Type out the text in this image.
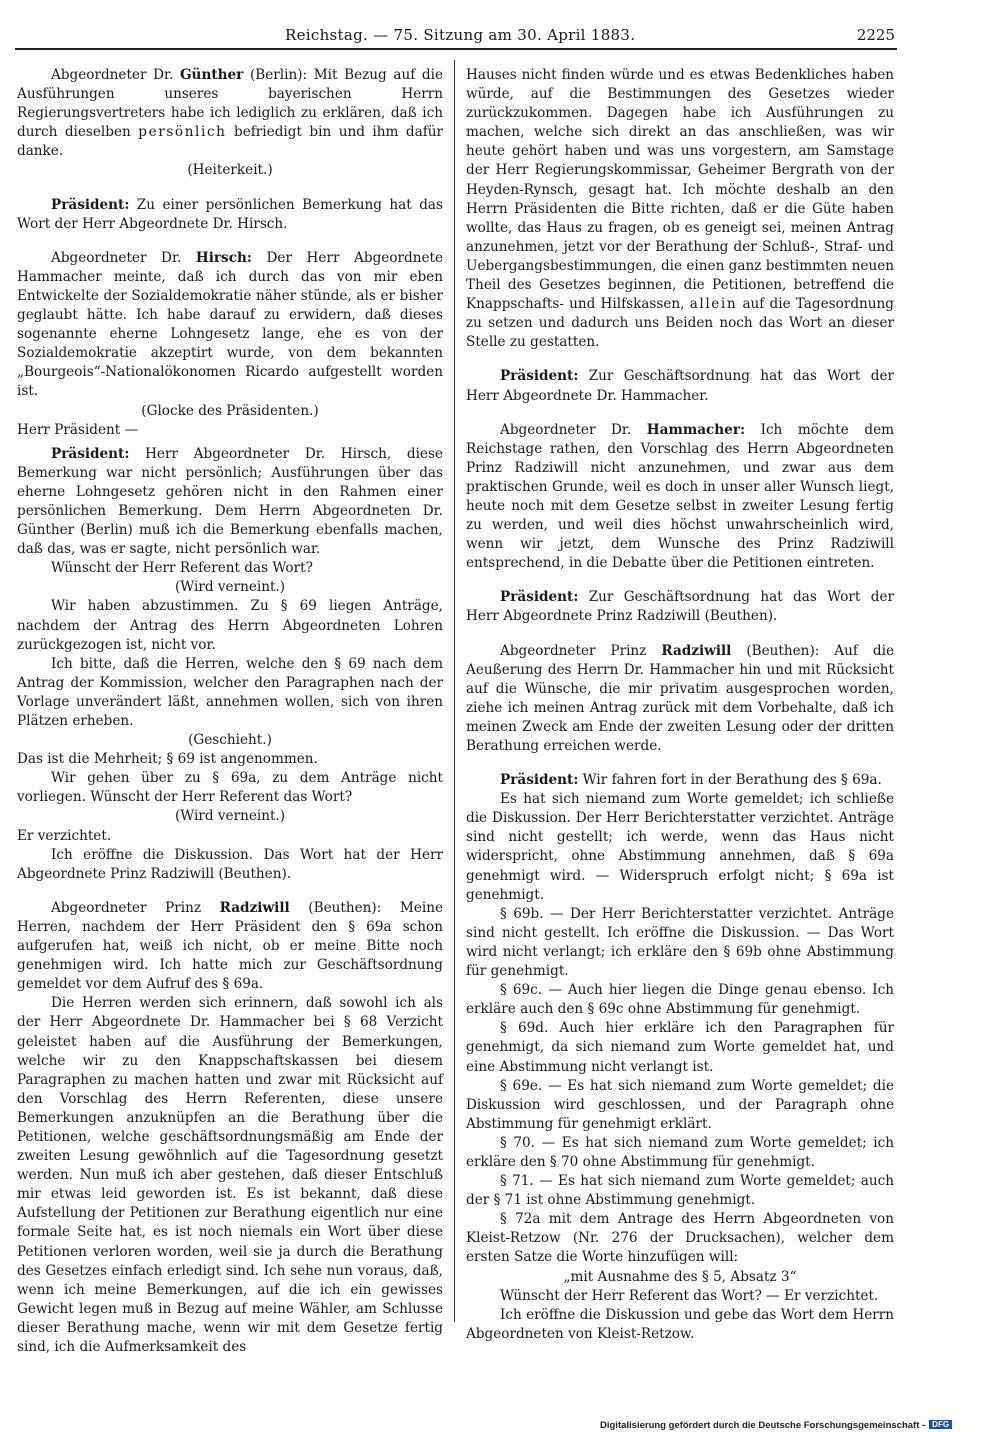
Reichstag. — 75. Sitzung am 30. April 1883.	2225

Abgeordneter Dr. Günther (Berlin): Mit Bezug auf die Ausführungen unseres bayerischen Herrn Regierungsvertreters habe ich lediglich zu erklären, daß ich durch dieselben persönlich befriedigt bin und ihm dafür danke.

(Heiterkeit.)

Präsident: Zu einer persönlichen Bemerkung hat das Wort der Herr Abgeordnete Dr. Hirsch.

Abgeordneter Dr. Hirsch: Der Herr Abgeordnete Hammacher meinte, daß ich durch das von mir eben Entwickelte der Sozialdemokratie näher stünde, als er bisher geglaubt hätte. Ich habe darauf zu erwidern, daß dieses sogenannte eherne Lohngesetz lange, ehe es von der Sozialdemokratie akzeptirt wurde, von dem bekannten „Bourgeois“-Nationalökonomen Ricardo aufgestellt worden ist.

(Glocke des Präsidenten.)

Herr Präsident —

Präsident: Herr Abgeordneter Dr. Hirsch, diese Bemerkung war nicht persönlich; Ausführungen über das eherne Lohngesetz gehören nicht in den Rahmen einer persönlichen Bemerkung. Dem Herrn Abgeordneten Dr. Günther (Berlin) muß ich die Bemerkung ebenfalls machen, daß das, was er sagte, nicht persönlich war.

Wünscht der Herr Referent das Wort?

(Wird verneint.)

Wir haben abzustimmen. Zu § 69 liegen Anträge, nachdem der Antrag des Herrn Abgeordneten Lohren zurückgezogen ist, nicht vor.

Ich bitte, daß die Herren, welche den § 69 nach dem Antrag der Kommission, welcher den Paragraphen nach der Vorlage unverändert läßt, annehmen wollen, sich von ihren Plätzen erheben.

(Geschieht.)

Das ist die Mehrheit; § 69 ist angenommen.

Wir gehen über zu § 69a, zu dem Anträge nicht vorliegen. Wünscht der Herr Referent das Wort?

(Wird verneint.)

Er verzichtet.

Ich eröffne die Diskussion. Das Wort hat der Herr Abgeordnete Prinz Radziwill (Beuthen).

Abgeordneter Prinz Radziwill (Beuthen): Meine Herren, nachdem der Herr Präsident den § 69a schon aufgerufen hat, weiß ich nicht, ob er meine Bitte noch genehmigen wird. Ich hatte mich zur Geschäftsordnung gemeldet vor dem Aufruf des § 69a.

Die Herren werden sich erinnern, daß sowohl ich als der Herr Abgeordnete Dr. Hammacher bei § 68 Verzicht geleistet haben auf die Ausführung der Bemerkungen, welche wir zu den Knappschaftskassen bei diesem Paragraphen zu machen hatten und zwar mit Rücksicht auf den Vorschlag des Herrn Referenten, diese unsere Bemerkungen anzuknüpfen an die Berathung über die Petitionen, welche geschäftsordnungsmäßig am Ende der zweiten Lesung gewöhnlich auf die Tagesordnung gesetzt werden. Nun muß ich aber gestehen, daß dieser Entschluß mir etwas leid geworden ist. Es ist bekannt, daß diese Aufstellung der Petitionen zur Berathung eigentlich nur eine formale Seite hat, es ist noch niemals ein Wort über diese Petitionen verloren worden, weil sie ja durch die Berathung des Gesetzes einfach erledigt sind. Ich sehe nun voraus, daß, wenn ich meine Bemerkungen, auf die ich ein gewisses Gewicht legen muß in Bezug auf meine Wähler, am Schlusse dieser Berathung mache, wenn wir mit dem Gesetze fertig sind, ich die Aufmerksamkeit des

Hauses nicht finden würde und es etwas Bedenkliches haben würde, auf die Bestimmungen des Gesetzes wieder zurückzukommen. Dagegen habe ich Ausführungen zu machen, welche sich direkt an das anschließen, was wir heute gehört haben und was uns vorgestern, am Samstage der Herr Regierungskommissar, Geheimer Bergrath von der Heyden-Rynsch, gesagt hat. Ich möchte deshalb an den Herrn Präsidenten die Bitte richten, daß er die Güte haben wollte, das Haus zu fragen, ob es geneigt sei, meinen Antrag anzunehmen, jetzt vor der Berathung der Schluß-, Straf- und Uebergangsbestimmungen, die einen ganz bestimmten neuen Theil des Gesetzes beginnen, die Petitionen, betreffend die Knappschafts- und Hilfskassen, allein auf die Tagesordnung zu setzen und dadurch uns Beiden noch das Wort an dieser Stelle zu gestatten.

Präsident: Zur Geschäftsordnung hat das Wort der Herr Abgeordnete Dr. Hammacher.

Abgeordneter Dr. Hammacher: Ich möchte dem Reichstage rathen, den Vorschlag des Herrn Abgeordneten Prinz Radziwill nicht anzunehmen, und zwar aus dem praktischen Grunde, weil es doch in unser aller Wunsch liegt, heute noch mit dem Gesetze selbst in zweiter Lesung fertig zu werden, und weil dies höchst unwahrscheinlich wird, wenn wir jetzt, dem Wunsche des Prinz Radziwill entsprechend, in die Debatte über die Petitionen eintreten.

Präsident: Zur Geschäftsordnung hat das Wort der Herr Abgeordnete Prinz Radziwill (Beuthen).

Abgeordneter Prinz Radziwill (Beuthen): Auf die Aeußerung des Herrn Dr. Hammacher hin und mit Rücksicht auf die Wünsche, die mir privatim ausgesprochen worden, ziehe ich meinen Antrag zurück mit dem Vorbehalte, daß ich meinen Zweck am Ende der zweiten Lesung oder der dritten Berathung erreichen werde.

Präsident: Wir fahren fort in der Berathung des § 69a.

Es hat sich niemand zum Worte gemeldet; ich schließe die Diskussion. Der Herr Berichterstatter verzichtet. Anträge sind nicht gestellt; ich werde, wenn das Haus nicht widerspricht, ohne Abstimmung annehmen, daß § 69a genehmigt wird. — Widerspruch erfolgt nicht; § 69a ist genehmigt.

§ 69b. — Der Herr Berichterstatter verzichtet. Anträge sind nicht gestellt. Ich eröffne die Diskussion. — Das Wort wird nicht verlangt; ich erkläre den § 69b ohne Abstimmung für genehmigt.

§ 69c. — Auch hier liegen die Dinge genau ebenso. Ich erkläre auch den § 69c ohne Abstimmung für genehmigt.

§ 69d. Auch hier erkläre ich den Paragraphen für genehmigt, da sich niemand zum Worte gemeldet hat, und eine Abstimmung nicht verlangt ist.

§ 69e. — Es hat sich niemand zum Worte gemeldet; die Diskussion wird geschlossen, und der Paragraph ohne Abstimmung für genehmigt erklärt.

§ 70. — Es hat sich niemand zum Worte gemeldet; ich erkläre den § 70 ohne Abstimmung für genehmigt.

§ 71. — Es hat sich niemand zum Worte gemeldet; auch der § 71 ist ohne Abstimmung genehmigt.

§ 72a mit dem Antrage des Herrn Abgeordneten von Kleist-Retzow (Nr. 276 der Drucksachen), welcher dem ersten Satze die Worte hinzufügen will:

„mit Ausnahme des § 5, Absatz 3“

Wünscht der Herr Referent das Wort? — Er verzichtet.

Ich eröffne die Diskussion und gebe das Wort dem Herrn Abgeordneten von Kleist-Retzow.

Digitalisierung gefördert durch die Deutsche Forschungsgemeinschaft - DFG
